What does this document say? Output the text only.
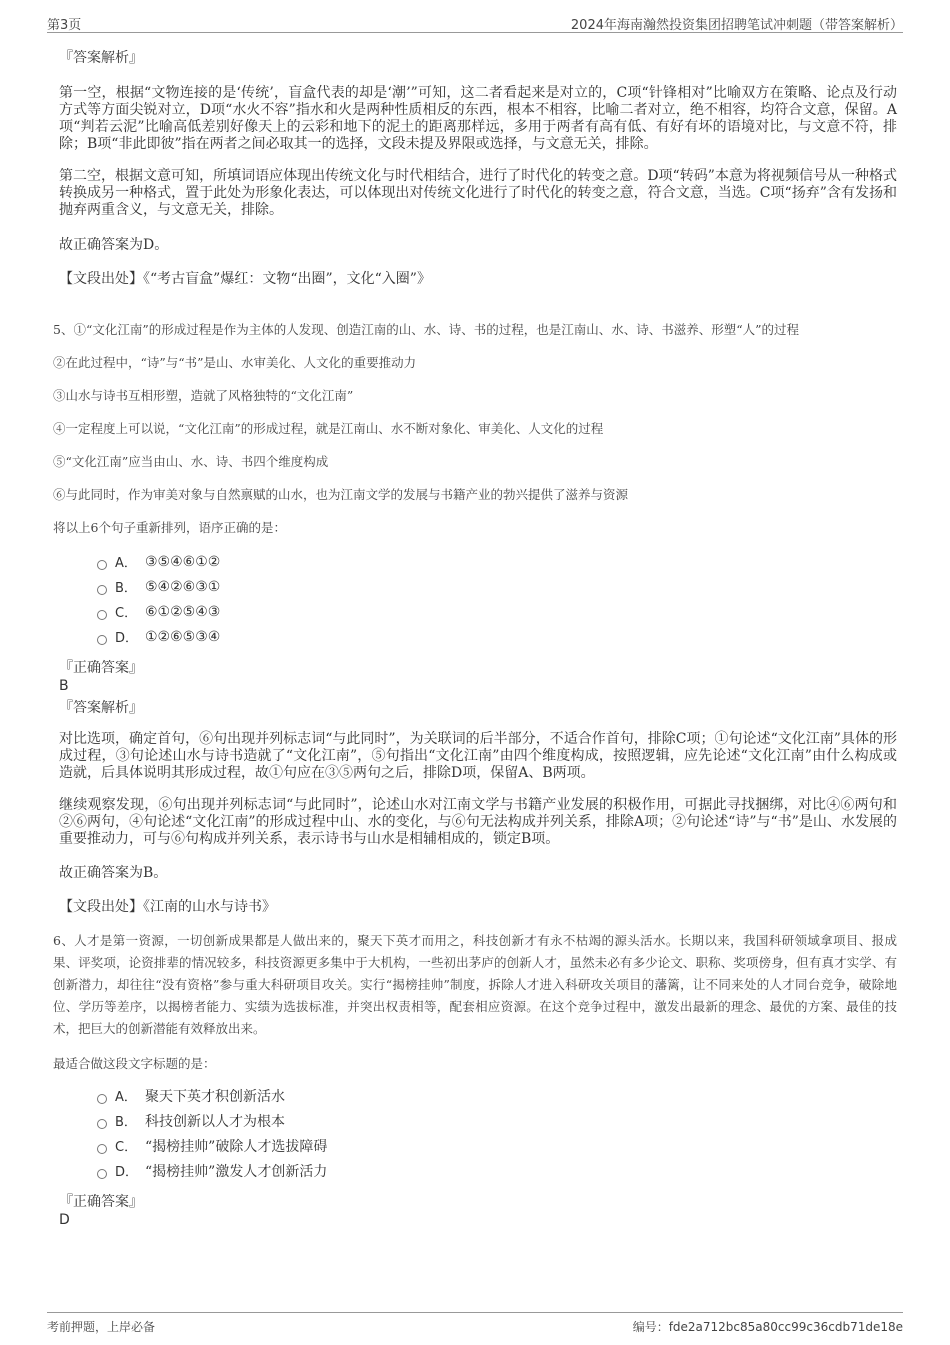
第3页	2024年海南瀚然投资集团招聘笔试冲刺题（带答案解析）
『答案解析』

第一空，根据“文物连接的是‘传统’，盲盒代表的却是‘潮’”可知，这二者看起来是对立的，C项“针锋相对”比喻双方在策略、论点及行动方式等方面尖锐对立，D项“水火不容”指水和火是两种性质相反的东西，根本不相容，比喻二者对立，绝不相容，均符合文意，保留。A项“判若云泥”比喻高低差别好像天上的云彩和地下的泥土的距离那样远，多用于两者有高有低、有好有坏的语境对比，与文意不符，排除；B项“非此即彼”指在两者之间必取其一的选择，文段未提及界限或选择，与文意无关，排除。

第二空，根据文意可知，所填词语应体现出传统文化与时代相结合，进行了时代化的转变之意。D项“转码”本意为将视频信号从一种格式转换成另一种格式，置于此处为形象化表达，可以体现出对传统文化进行了时代化的转变之意，符合文意，当选。C项“扬弃”含有发扬和抛弃两重含义，与文意无关，排除。

故正确答案为D。

【文段出处】《“考古盲盒”爆红：文物“出圈”，文化“入圈”》

5、①“文化江南”的形成过程是作为主体的人发现、创造江南的山、水、诗、书的过程，也是江南山、水、诗、书滋养、形塑“人”的过程
②在此过程中，“诗”与“书”是山、水审美化、人文化的重要推动力
③山水与诗书互相形塑，造就了风格独特的“文化江南”
④一定程度上可以说，“文化江南”的形成过程，就是江南山、水不断对象化、审美化、人文化的过程
⑤“文化江南”应当由山、水、诗、书四个维度构成
⑥与此同时，作为审美对象与自然禀赋的山水，也为江南文学的发展与书籍产业的勃兴提供了滋养与资源
将以上6个句子重新排列，语序正确的是：
A． ③⑤④⑥①②
B． ⑤④②⑥③①
C． ⑥①②⑤④③
D． ①②⑥⑤③④
『正确答案』
B
『答案解析』

对比选项，确定首句，⑥句出现并列标志词“与此同时”，为关联词的后半部分，不适合作首句，排除C项；①句论述“文化江南”具体的形成过程，③句论述山水与诗书造就了“文化江南”，⑤句指出“文化江南”由四个维度构成，按照逻辑，应先论述“文化江南”由什么构成或造就，后具体说明其形成过程，故①句应在③⑤两句之后，排除D项，保留A、B两项。

继续观察发现，⑥句出现并列标志词“与此同时”，论述山水对江南文学与书籍产业发展的积极作用，可据此寻找捆绑，对比④⑥两句和②⑥两句，④句论述“文化江南”的形成过程中山、水的变化，与⑥句无法构成并列关系，排除A项；②句论述“诗”与“书”是山、水发展的重要推动力，可与⑥句构成并列关系，表示诗书与山水是相辅相成的，锁定B项。

故正确答案为B。

【文段出处】《江南的山水与诗书》

6、人才是第一资源，一切创新成果都是人做出来的，聚天下英才而用之，科技创新才有永不枯竭的源头活水。长期以来，我国科研领域拿项目、报成果、评奖项，论资排辈的情况较多，科技资源更多集中于大机构，一些初出茅庐的创新人才，虽然未必有多少论文、职称、奖项傍身，但有真才实学、有创新潜力，却往往“没有资格”参与重大科研项目攻关。实行“揭榜挂帅”制度，拆除人才进入科研攻关项目的藩篱，让不同来处的人才同台竞争，破除地位、学历等差序，以揭榜者能力、实绩为选拔标准，并突出权责相等，配套相应资源。在这个竞争过程中，激发出最新的理念、最优的方案、最佳的技术，把巨大的创新潜能有效释放出来。
最适合做这段文字标题的是：
A． 聚天下英才积创新活水
B． 科技创新以人才为根本
C． “揭榜挂帅”破除人才选拔障碍
D． “揭榜挂帅”激发人才创新活力
『正确答案』
D
考前押题，上岸必备	编号：fde2a712bc85a80cc99c36cdb71de18e
